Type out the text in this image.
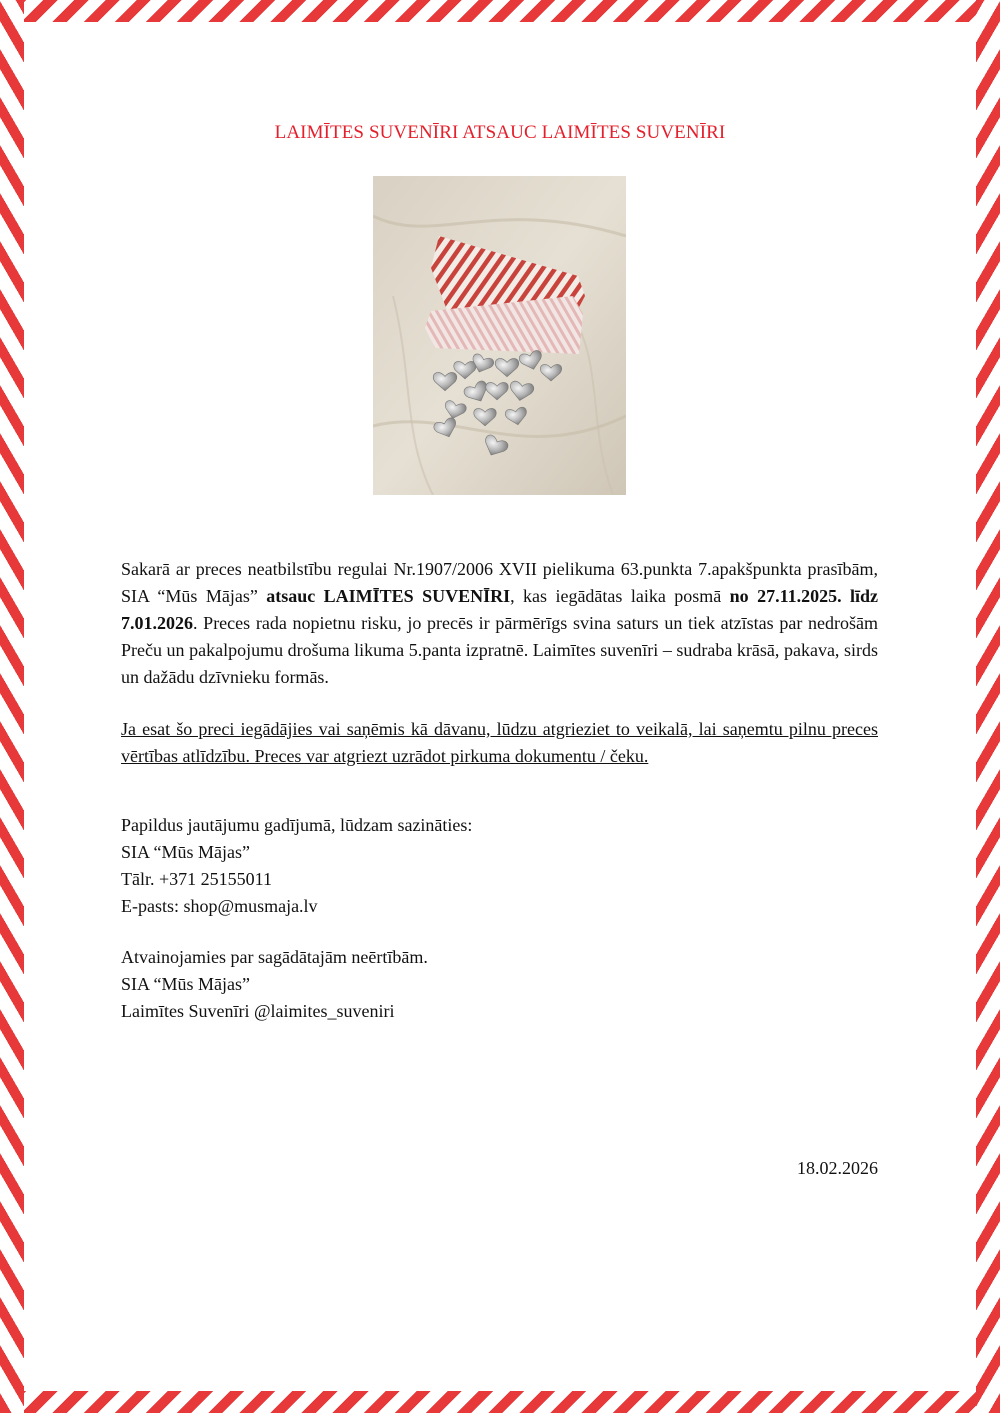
LAIMĪTES SUVENĪRI ATSAUC LAIMĪTES SUVENĪRI
Sakarā ar preces neatbilstību regulai Nr.1907/2006 XVII pielikuma 63.punkta 7.apakšpunkta prasībām, SIA “Mūs Mājas” atsauc LAIMĪTES SUVENĪRI, kas iegādātas laika posmā no 27.11.2025. līdz 7.01.2026. Preces rada nopietnu risku, jo precēs ir pārmērīgs svina saturs un tiek atzīstas par nedrošām Preču un pakalpojumu drošuma likuma 5.panta izpratnē. Laimītes suvenīri – sudraba krāsā, pakava, sirds un dažādu dzīvnieku formās.
Ja esat šo preci iegādājies vai saņēmis kā dāvanu, lūdzu atgrieziet to veikalā, lai saņemtu pilnu preces vērtības atlīdzību. Preces var atgriezt uzrādot pirkuma dokumentu / čeku.
Papildus jautājumu gadījumā, lūdzam sazināties:
SIA “Mūs Mājas”
Tālr. +371 25155011
E-pasts: shop@musmaja.lv
Atvainojamies par sagādātajām neērtībām.
SIA “Mūs Mājas”
Laimītes Suvenīri @laimites_suveniri
18.02.2026
